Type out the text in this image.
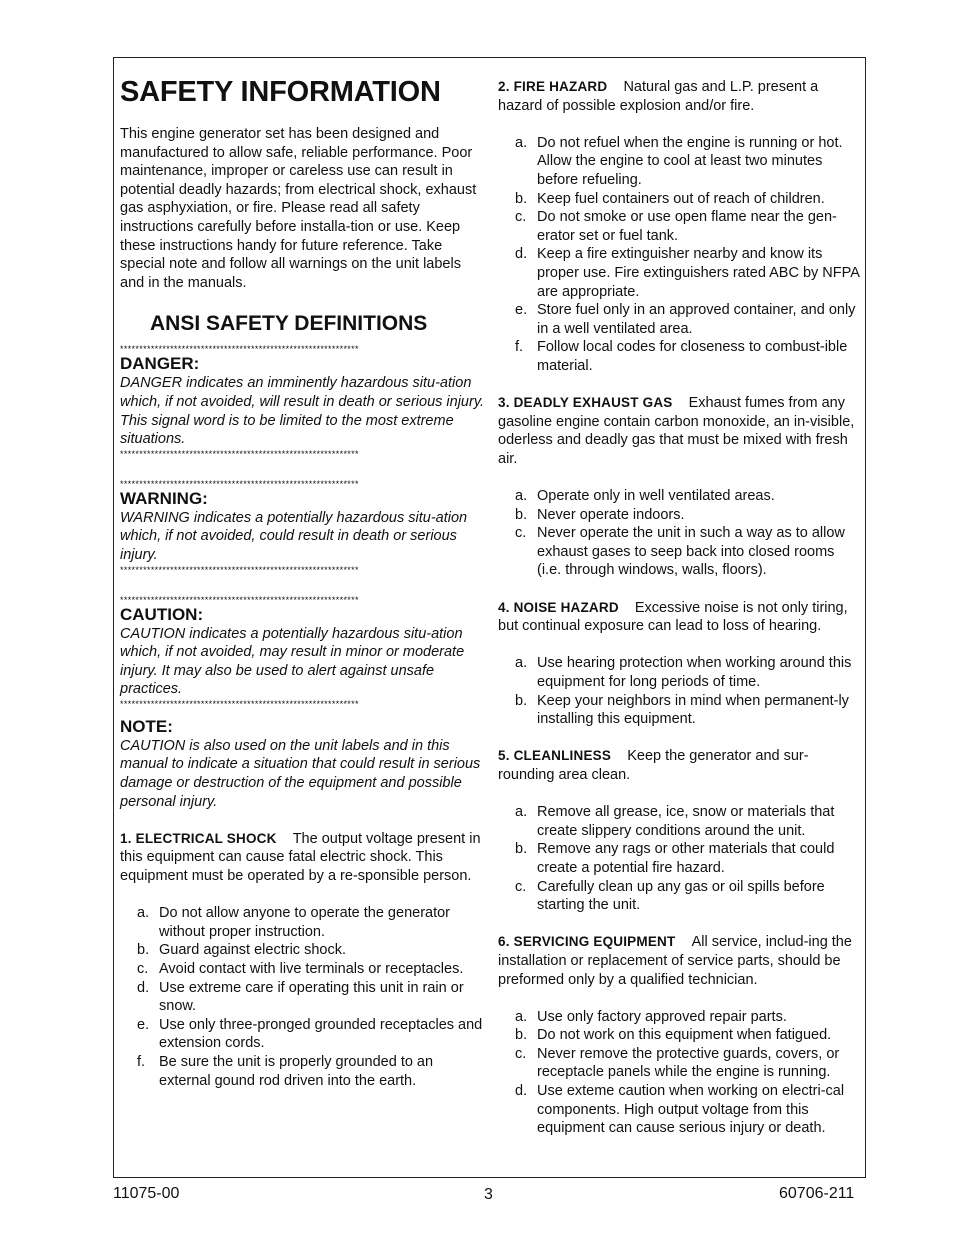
SAFETY INFORMATION

This engine generator set has been designed and manufactured to allow safe, reliable performance. Poor maintenance, improper or careless use can result in potential deadly hazards; from electrical shock, exhaust gas asphyxiation, or fire. Please read all safety instructions carefully before installa-tion or use. Keep these instructions handy for future reference. Take special note and follow all warnings on the unit labels and in the manuals.

ANSI SAFETY DEFINITIONS
**************************************************************
DANGER:

DANGER indicates an imminently hazardous situ-ation which, if not avoided, will result in death or serious injury. This signal word is to be limited to the most extreme situations.

**************************************************************
**************************************************************
WARNING:

WARNING indicates a potentially hazardous situ-ation which, if not avoided, could result in death or serious injury.

**************************************************************
**************************************************************
CAUTION:

CAUTION indicates a potentially hazardous situ-ation which, if not avoided, may result in minor or moderate injury. It may also be used to alert against unsafe practices.

**************************************************************
NOTE:

CAUTION is also used on the unit labels and in this manual to indicate a situation that could result in serious damage or destruction of the equipment and possible personal injury.

1. ELECTRICAL SHOCK The output voltage present in this equipment can cause fatal electric shock. This equipment must be operated by a re-sponsible person.

a. Do not allow anyone to operate the generator without proper instruction.
b. Guard against electric shock.
c. Avoid contact with live terminals or receptacles.
d. Use extreme care if operating this unit in rain or snow.
e. Use only three-pronged grounded receptacles and extension cords.
f. Be sure the unit is properly grounded to an external gound rod driven into the earth.

2. FIRE HAZARD Natural gas and L.P. present a hazard of possible explosion and/or fire.

a. Do not refuel when the engine is running or hot. Allow the engine to cool at least two minutes before refueling.
b. Keep fuel containers out of reach of children.
c. Do not smoke or use open flame near the gen-erator set or fuel tank.
d. Keep a fire extinguisher nearby and know its proper use. Fire extinguishers rated ABC by NFPA are appropriate.
e. Store fuel only in an approved container, and only in a well ventilated area.
f. Follow local codes for closeness to combust-ible material.

3. DEADLY EXHAUST GAS Exhaust fumes from any gasoline engine contain carbon monoxide, an in-visible, oderless and deadly gas that must be mixed with fresh air.

a. Operate only in well ventilated areas.
b. Never operate indoors.
c. Never operate the unit in such a way as to allow exhaust gases to seep back into closed rooms (i.e. through windows, walls, floors).

4. NOISE HAZARD Excessive noise is not only tiring, but continual exposure can lead to loss of hearing.

a. Use hearing protection when working around this equipment for long periods of time.
b. Keep your neighbors in mind when permanent-ly installing this equipment.

5. CLEANLINESS Keep the generator and sur-rounding area clean.

a. Remove all grease, ice, snow or materials that create slippery conditions around the unit.
b. Remove any rags or other materials that could create a potential fire hazard.
c. Carefully clean up any gas or oil spills before starting the unit.

6. SERVICING EQUIPMENT All service, includ-ing the installation or replacement of service parts, should be preformed only by a qualified technician.

a. Use only factory approved repair parts.
b. Do not work on this equipment when fatigued.
c. Never remove the protective guards, covers, or receptacle panels while the engine is running.
d. Use exteme caution when working on electri-cal components. High output voltage from this equipment can cause serious injury or death.
11075-00	3	60706-211
